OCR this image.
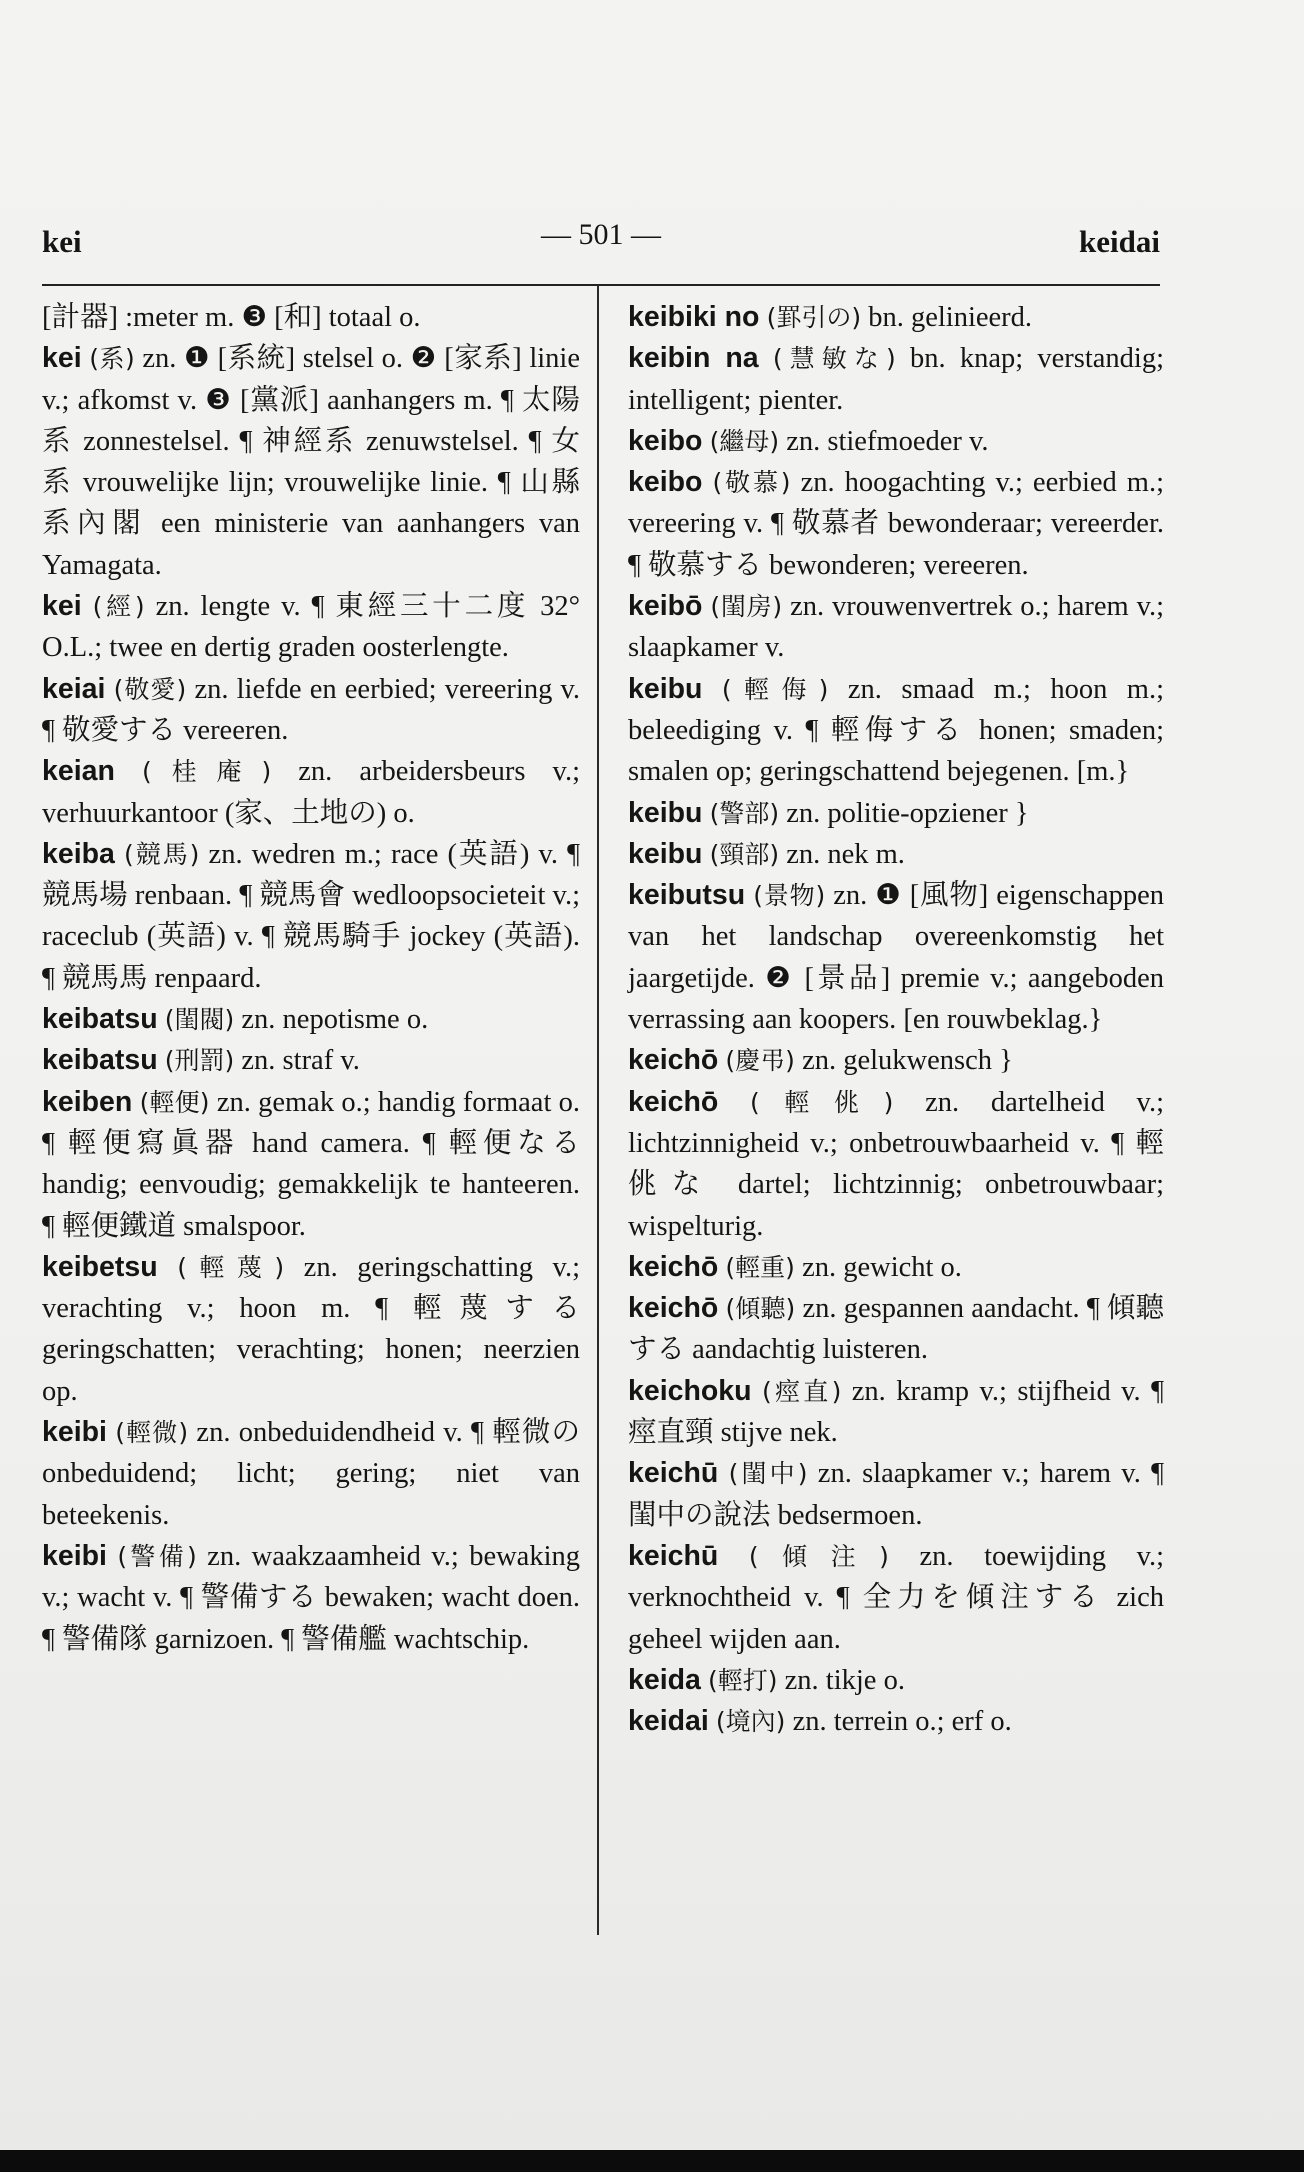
kei	— 501 —	keidai
[計器] :meter m. ❸ [和] totaal o.
kei (系) zn. ❶ [系統] stelsel o. ❷ [家系] linie v.; afkomst v. ❸ [黨派] aanhangers m. ¶ 太陽系 zonnestelsel. ¶ 神經系 zenuwstelsel. ¶ 女系 vrouwelijke lijn; vrouwelijke linie. ¶ 山縣系內閣 een ministerie van aanhangers van Yamagata.
kei (經) zn. lengte v. ¶ 東經三十二度 32° O.L.; twee en dertig graden oosterlengte.
keiai (敬愛) zn. liefde en eerbied; vereering v. ¶ 敬愛する vereeren.
keian (桂庵) zn. arbeidersbeurs v.; verhuurkantoor (家、土地の) o.
keiba (競馬) zn. wedren m.; race (英語) v. ¶ 競馬場 renbaan. ¶ 競馬會 wedloopsocieteit v.; raceclub (英語) v. ¶ 競馬騎手 jockey (英語). ¶ 競馬馬 renpaard.
keibatsu (閨閥) zn. nepotisme o.
keibatsu (刑罰) zn. straf v.
keiben (輕便) zn. gemak o.; handig formaat o. ¶ 輕便寫眞器 hand camera. ¶ 輕便なる handig; eenvoudig; gemakkelijk te hanteeren. ¶ 輕便鐵道 smalspoor.
keibetsu (輕蔑) zn. geringschatting v.; verachting v.; hoon m. ¶ 輕蔑する geringschatten; verachting; honen; neerzien op.
keibi (輕微) zn. onbeduidendheid v. ¶ 輕微の onbeduidend; licht; gering; niet van beteekenis.
keibi (警備) zn. waakzaamheid v.; bewaking v.; wacht v. ¶ 警備する bewaken; wacht doen. ¶ 警備隊 garnizoen. ¶ 警備艦 wachtschip.
keibiki no (罫引の) bn. gelinieerd.
keibin na (慧敏な) bn. knap; verstandig; intelligent; pienter.
keibo (繼母) zn. stiefmoeder v.
keibo (敬慕) zn. hoogachting v.; eerbied m.; vereering v. ¶ 敬慕者 bewonderaar; vereerder. ¶ 敬慕する bewonderen; vereeren.
keibō (閨房) zn. vrouwenvertrek o.; harem v.; slaapkamer v.
keibu (輕侮) zn. smaad m.; hoon m.; beleediging v. ¶ 輕侮する honen; smaden; smalen op; geringschattend bejegenen. [m.}
keibu (警部) zn. politie-opziener }
keibu (頸部) zn. nek m.
keibutsu (景物) zn. ❶ [風物] eigenschappen van het landschap overeenkomstig het jaargetijde. ❷ [景品] premie v.; aangeboden verrassing aan koopers. [en rouwbeklag.}
keichō (慶弔) zn. gelukwensch }
keichō (輕佻) zn. dartelheid v.; lichtzinnigheid v.; onbetrouwbaarheid v. ¶ 輕佻な dartel; lichtzinnig; onbetrouwbaar; wispelturig.
keichō (輕重) zn. gewicht o.
keichō (傾聽) zn. gespannen aandacht. ¶ 傾聽する aandachtig luisteren.
keichoku (痙直) zn. kramp v.; stijfheid v. ¶ 痙直頸 stijve nek.
keichū (閨中) zn. slaapkamer v.; harem v. ¶ 閨中の說法 bedsermoen.
keichū (傾注) zn. toewijding v.; verknochtheid v. ¶ 全力を傾注する zich geheel wijden aan.
keida (輕打) zn. tikje o.
keidai (境內) zn. terrein o.; erf o.
